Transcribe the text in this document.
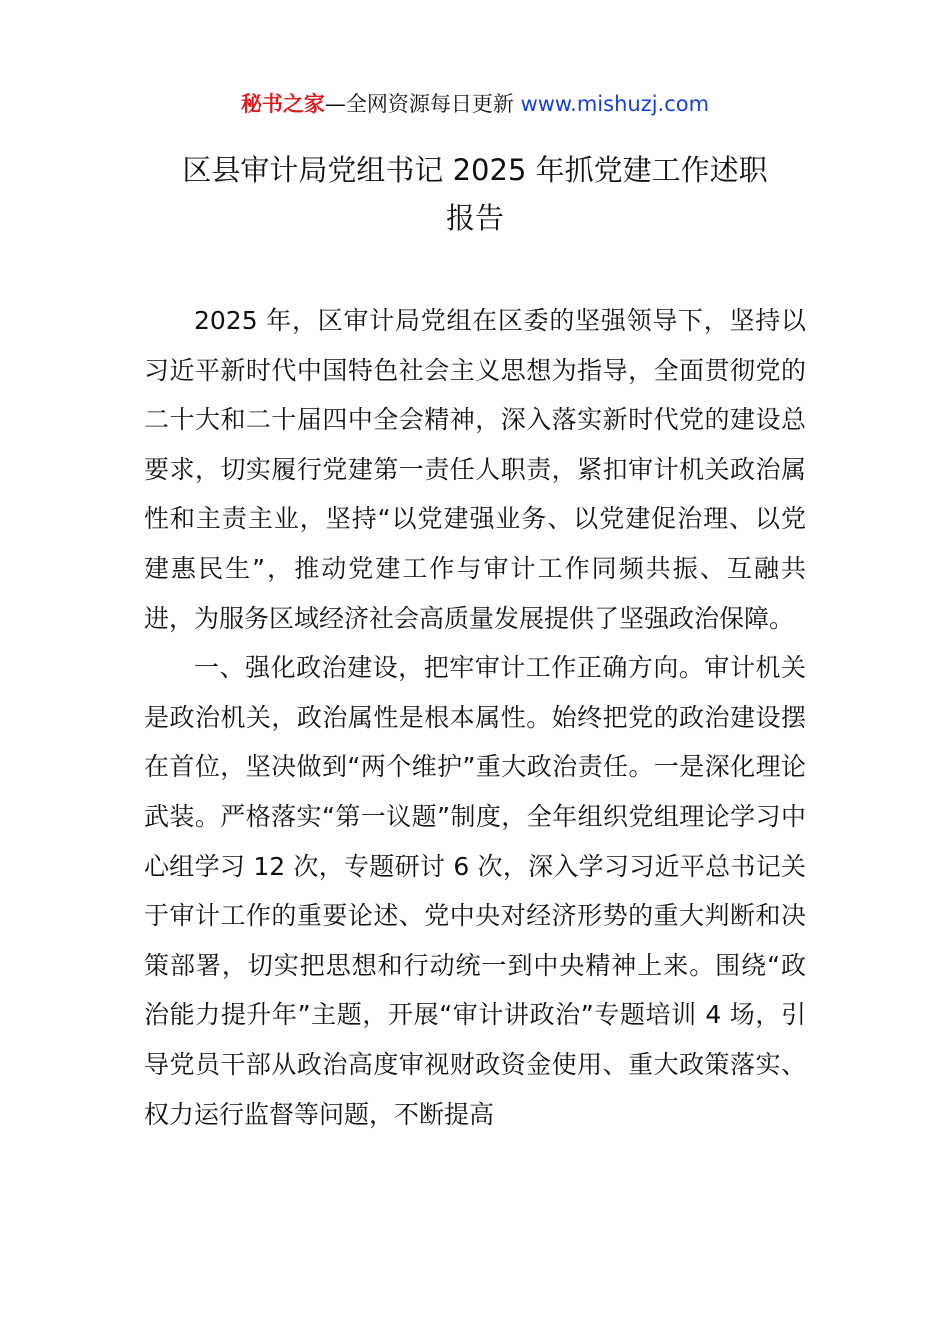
秘书之家—全网资源每日更新 www.mishuzj.com
区县审计局党组书记 2025 年抓党建工作述职
报告

2025 年，区审计局党组在区委的坚强领导下，坚持以习近平新时代中国特色社会主义思想为指导，全面贯彻党的二十大和二十届四中全会精神，深入落实新时代党的建设总要求，切实履行党建第一责任人职责，紧扣审计机关政治属性和主责主业，坚持“以党建强业务、以党建促治理、以党建惠民生”，推动党建工作与审计工作同频共振、互融共进，为服务区域经济社会高质量发展提供了坚强政治保障。

一、强化政治建设，把牢审计工作正确方向。审计机关是政治机关，政治属性是根本属性。始终把党的政治建设摆在首位，坚决做到“两个维护”重大政治责任。一是深化理论武装。严格落实“第一议题”制度，全年组织党组理论学习中心组学习 12 次，专题研讨 6 次，深入学习习近平总书记关于审计工作的重要论述、党中央对经济形势的重大判断和决策部署，切实把思想和行动统一到中央精神上来。围绕“政治能力提升年”主题，开展“审计讲政治”专题培训 4 场，引导党员干部从政治高度审视财政资金使用、重大政策落实、权力运行监督等问题，不断提高
